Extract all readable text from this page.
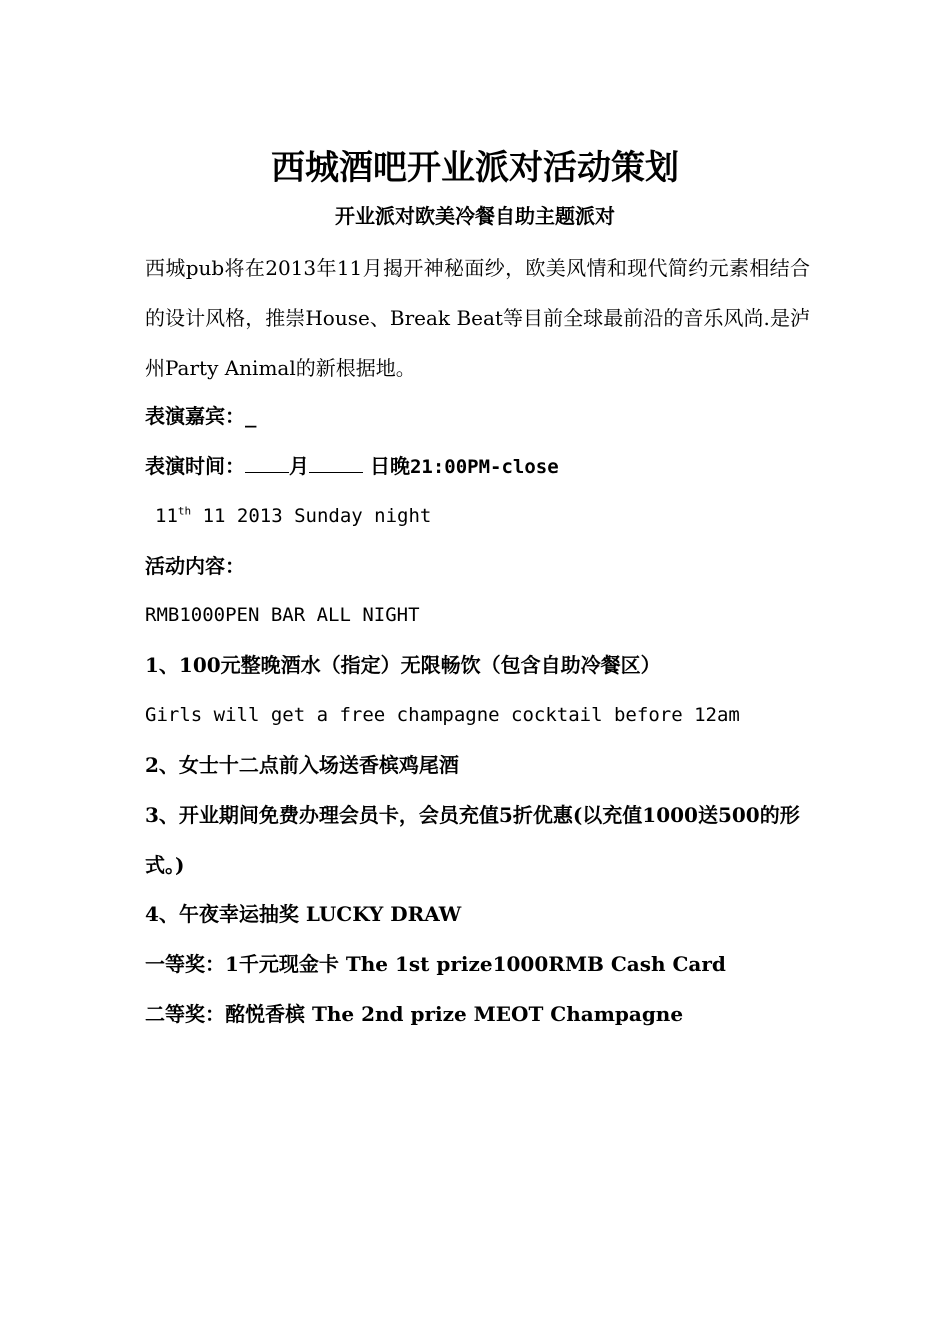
西城酒吧开业派对活动策划
开业派对欧美冷餐自助主题派对
西城pub将在2013年11月揭开神秘面纱，欧美风情和现代简约元素相结合的设计风格，推崇House、Break Beat等目前全球最前沿的音乐风尚.是泸州Party Animal的新根据地。
表演嘉宾：_
表演时间： 月	日晚21:00PM-close
11th 11 2013 Sunday night
活动内容：
RMB1000PEN BAR ALL NIGHT
1、100元整晚酒水（指定）无限畅饮（包含自助冷餐区）
Girls will get a free champagne cocktail before 12am
2、女士十二点前入场送香槟鸡尾酒
3、开业期间免费办理会员卡，会员充值5折优惠(以充值1000送500的形式。)
4、午夜幸运抽奖 LUCKY DRAW
一等奖：1千元现金卡 The 1st prize1000RMB Cash Card
二等奖：酩悦香槟 The 2nd prize MEOT Champagne
